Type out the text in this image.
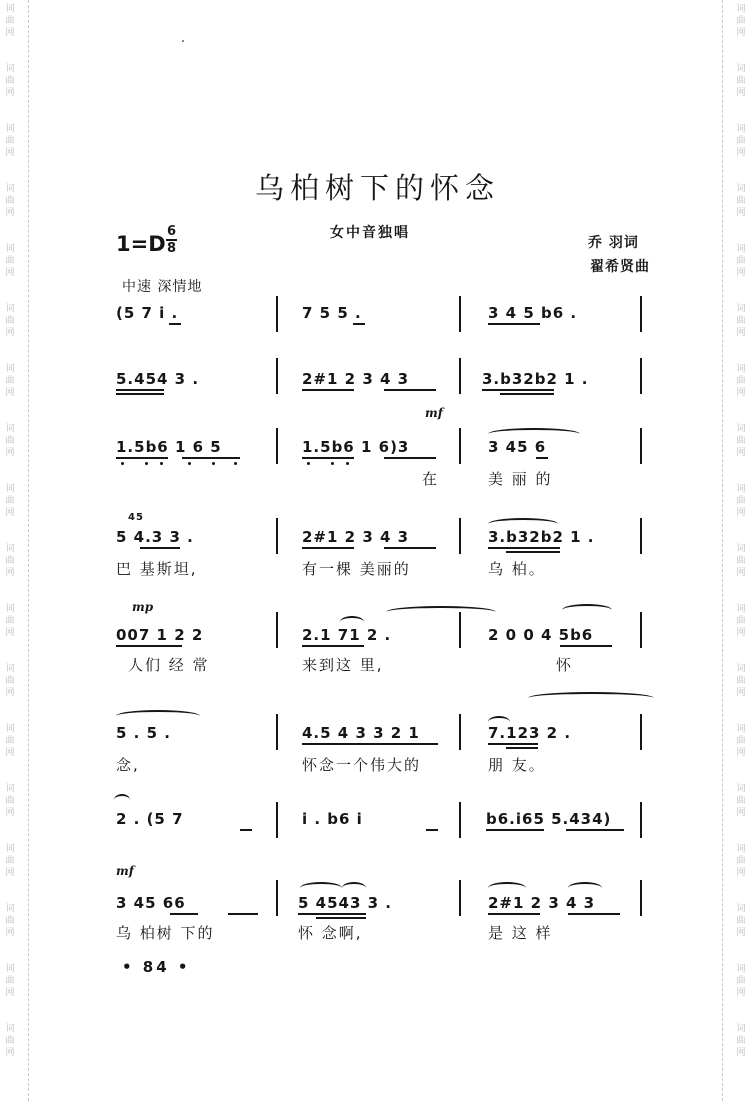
词
曲
网
词
曲
网
词
曲
网
词
曲
网
词
曲
网
词
曲
网
词
曲
网
词
曲
网
词
曲
网
词
曲
网
词
曲
网
词
曲
网
词
曲
网
词
曲
网
词
曲
网
词
曲
网
词
曲
网
词
曲
网
词
曲
网
词
曲
网
词
曲
网
词
曲
网
词
曲
网
词
曲
网
词
曲
网
词
曲
网
词
曲
网
词
曲
网
词
曲
网
词
曲
网
词
曲
网
词
曲
网
词
曲
网
词
曲
网
词
曲
网
词
曲
网
乌柏树下的怀念
1=D
6
8
女中音独唱
乔 羽词
翟希贤曲
中速 深情地
(5 7 i .	7 5 5 .	3 4 5 b6 .
5.454 3 .	2#1 2 3 4 3	3.b32b2 1 .
mf
1.5b6 1 6 5	1.5b6 1 6)3	3 45 6
在	美 丽 的
45
5 4.3 3 .	2#1 2 3 4 3	3.b32b2 1 .
巴 基斯坦,	有一棵 美丽的	乌 柏。
mp
007 1 2 2	2.1 71 2 .	2 0 0 4 5b6
人们 经 常	来到这 里,	怀
5 . 5 .	4.5 4 3 3 2 1	7.123 2 .
念,	怀念一个伟大的	朋 友。
2 . (5 7	i . b6 i	b6.i65 5.434)
mf
3 45 66	5 4543 3 .	2#1 2 3 4 3
乌 柏树 下的	怀 念啊,	是 这 样
• 84 •
